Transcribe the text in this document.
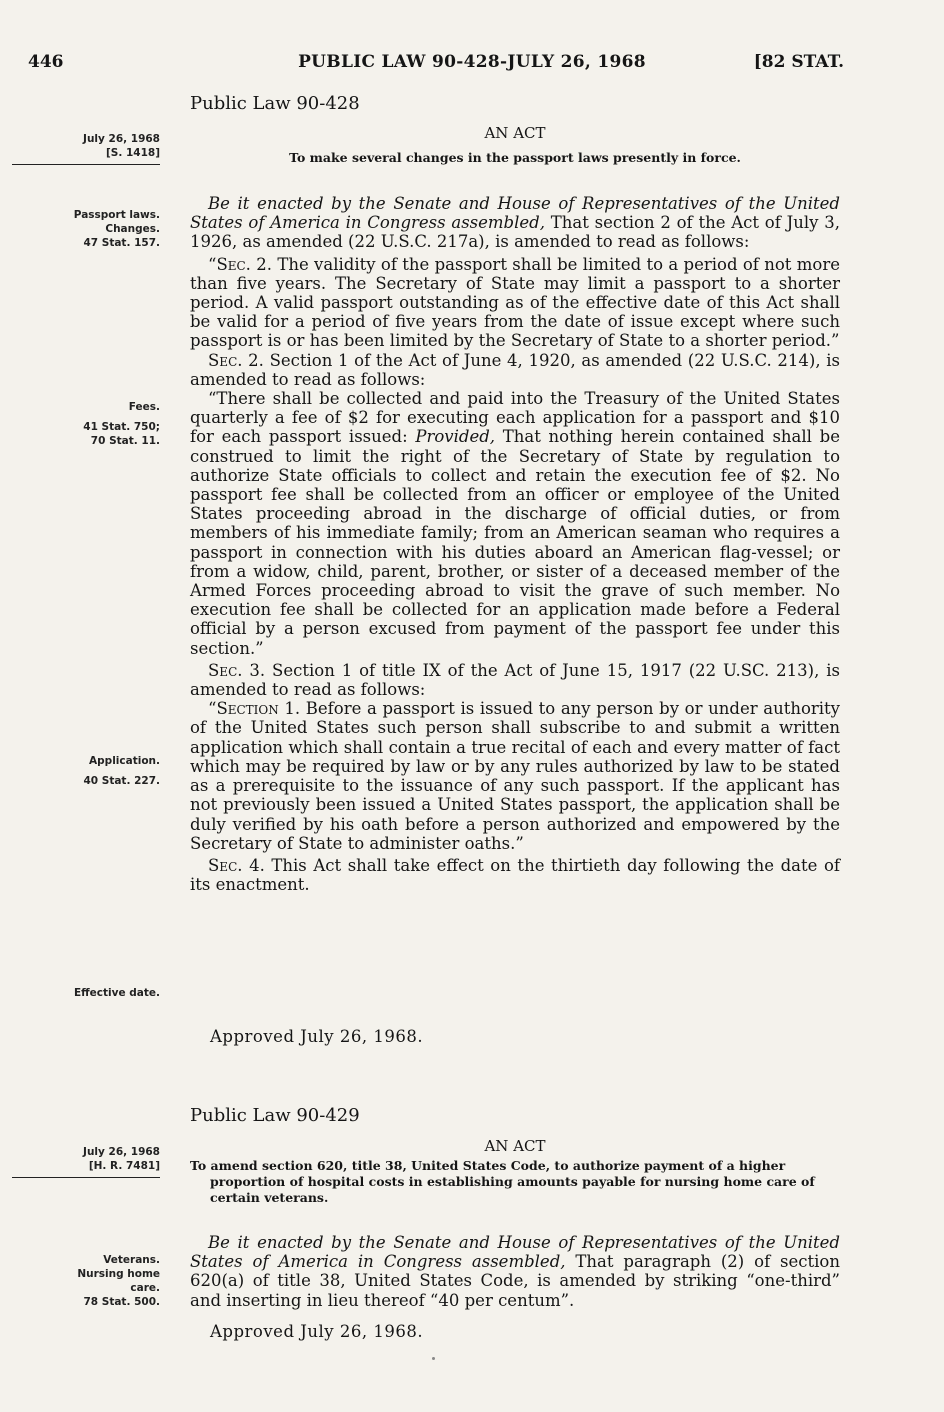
446	PUBLIC LAW 90-428-JULY 26, 1968	[82 STAT.
Public Law 90-428
AN ACT
To make several changes in the passport laws presently in force.
July 26, 1968
[S. 1418]
Passport laws.
Changes.
47 Stat. 157.
Fees.
41 Stat. 750;
70 Stat. 11.
Application.
40 Stat. 227.
Effective date.

Be it enacted by the Senate and House of Representatives of the United States of America in Congress assembled, That section 2 of the Act of July 3, 1926, as amended (22 U.S.C. 217a), is amended to read as follows:

“Sec. 2. The validity of the passport shall be limited to a period of not more than five years. The Secretary of State may limit a passport to a shorter period. A valid passport outstanding as of the effective date of this Act shall be valid for a period of five years from the date of issue except where such passport is or has been limited by the Secretary of State to a shorter period.”

Sec. 2. Section 1 of the Act of June 4, 1920, as amended (22 U.S.C. 214), is amended to read as follows:

“There shall be collected and paid into the Treasury of the United States quarterly a fee of $2 for executing each application for a passport and $10 for each passport issued: Provided, That nothing herein contained shall be construed to limit the right of the Secretary of State by regulation to authorize State officials to collect and retain the execution fee of $2. No passport fee shall be collected from an officer or employee of the United States proceeding abroad in the discharge of official duties, or from members of his immediate family; from an American seaman who requires a passport in connection with his duties aboard an American flag-vessel; or from a widow, child, parent, brother, or sister of a deceased member of the Armed Forces proceeding abroad to visit the grave of such member. No execution fee shall be collected for an application made before a Federal official by a person excused from payment of the passport fee under this section.”

Sec. 3. Section 1 of title IX of the Act of June 15, 1917 (22 U.SC. 213), is amended to read as follows:

“Section 1. Before a passport is issued to any person by or under authority of the United States such person shall subscribe to and submit a written application which shall contain a true recital of each and every matter of fact which may be required by law or by any rules authorized by law to be stated as a prerequisite to the issuance of any such passport. If the applicant has not previously been issued a United States passport, the application shall be duly verified by his oath before a person authorized and empowered by the Secretary of State to administer oaths.”

Sec. 4. This Act shall take effect on the thirtieth day following the date of its enactment.

Approved July 26, 1968.
Public Law 90-429
AN ACT
To amend section 620, title 38, United States Code, to authorize payment of a higher proportion of hospital costs in establishing amounts payable for nursing home care of certain veterans.
July 26, 1968
[H. R. 7481]
Veterans.
Nursing home
care.
78 Stat. 500.

Be it enacted by the Senate and House of Representatives of the United States of America in Congress assembled, That paragraph (2) of section 620(a) of title 38, United States Code, is amended by striking “one-third” and inserting in lieu thereof “40 per centum”.

Approved July 26, 1968.
